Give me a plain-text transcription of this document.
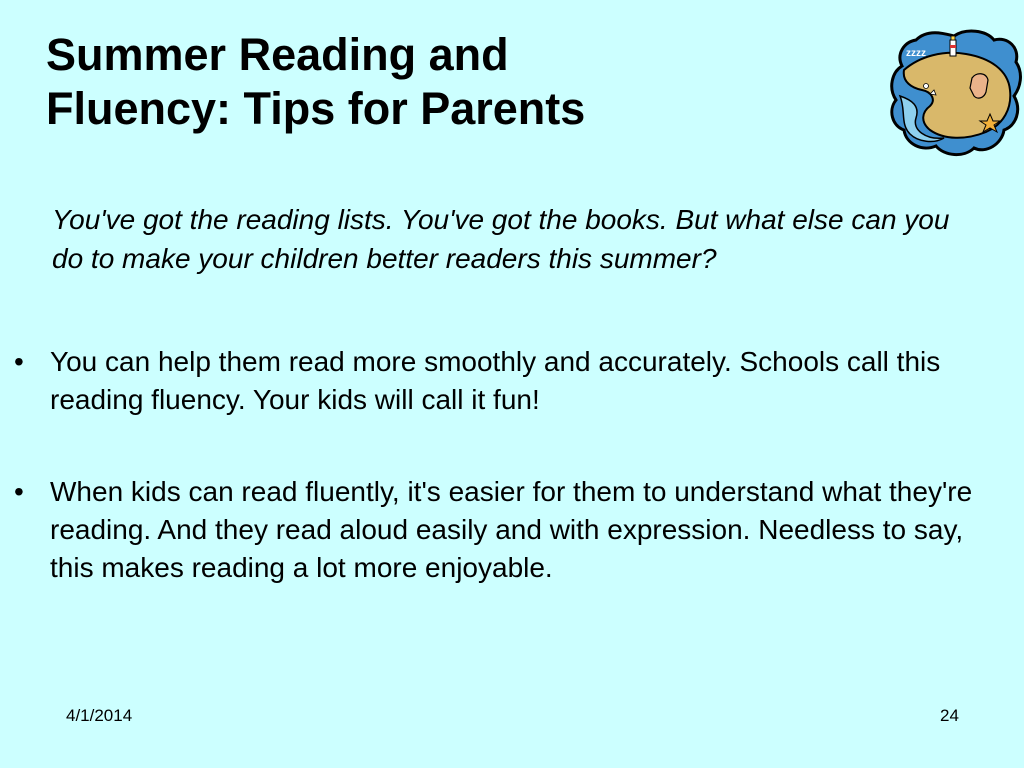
Summer Reading and
Fluency: Tips for Parents
zzzz

You've got the reading lists. You've got the books. But what else can you do to make your children better readers this summer?

• You can help them read more smoothly and accurately. Schools call this reading fluency. Your kids will call it fun!
• When kids can read fluently, it's easier for them to understand what they're reading. And they read aloud easily and with expression. Needless to say, this makes reading a lot more enjoyable.
4/1/2014	24
